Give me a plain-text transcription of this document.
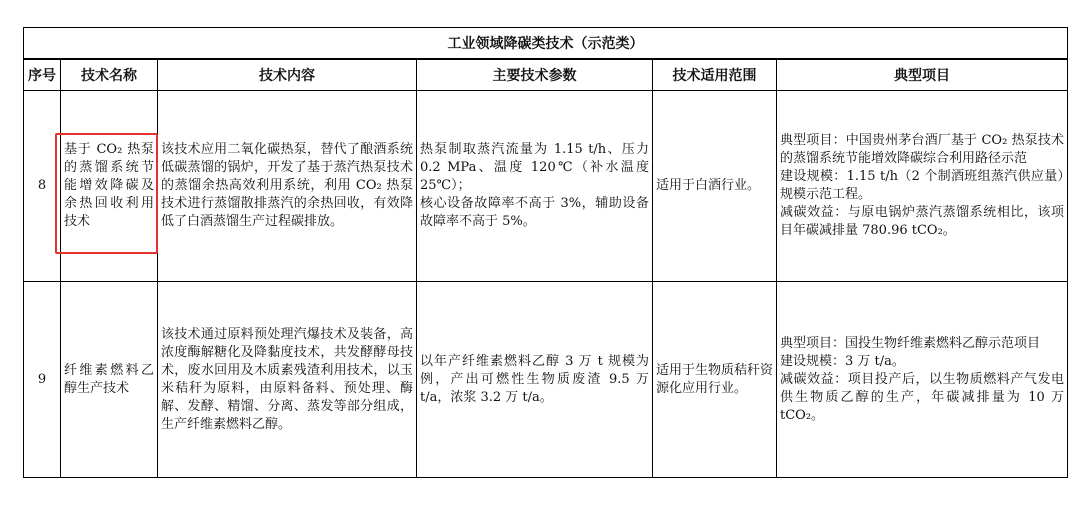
工业领域降碳类技术（示范类）					
序号	技术名称	技术内容	主要技术参数	技术适用范围	典型项目
8	基于 CO₂ 热泵的蒸馏系统节能增效降碳及余热回收利用技术	该技术应用二氧化碳热泵，替代了酿酒系统低碳蒸馏的锅炉，开发了基于蒸汽热泵技术的蒸馏余热高效利用系统，利用 CO₂ 热泵技术进行蒸馏散排蒸汽的余热回收，有效降低了白酒蒸馏生产过程碳排放。	热泵制取蒸汽流量为 1.15 t/h、压力 0.2 MPa、温度 120℃（补水温度 25℃）；
核心设备故障率不高于 3%，辅助设备故障率不高于 5%。	适用于白酒行业。	典型项目：中国贵州茅台酒厂基于 CO₂ 热泵技术的蒸馏系统节能增效降碳综合利用路径示范
建设规模：1.15 t/h（2 个制酒班组蒸汽供应量）规模示范工程。
减碳效益：与原电锅炉蒸汽蒸馏系统相比，该项目年碳减排量 780.96 tCO₂。

9	纤维素燃料乙醇生产技术	该技术通过原料预处理汽爆技术及装备，高浓度酶解糖化及降黏度技术，共发酵酵母技术，废水回用及木质素残渣利用技术，以玉米秸秆为原料，由原料备料、预处理、酶解、发酵、精馏、分离、蒸发等部分组成，生产纤维素燃料乙醇。	以年产纤维素燃料乙醇 3 万 t 规模为例，产出可燃性生物质废渣 9.5 万 t/a，浓浆 3.2 万 t/a。	适用于生物质秸秆资源化应用行业。	典型项目：国投生物纤维素燃料乙醇示范项目
建设规模：3 万 t/a。
减碳效益：项目投产后，以生物质燃料产气发电供生物质乙醇的生产，年碳减排量为 10 万 tCO₂。
